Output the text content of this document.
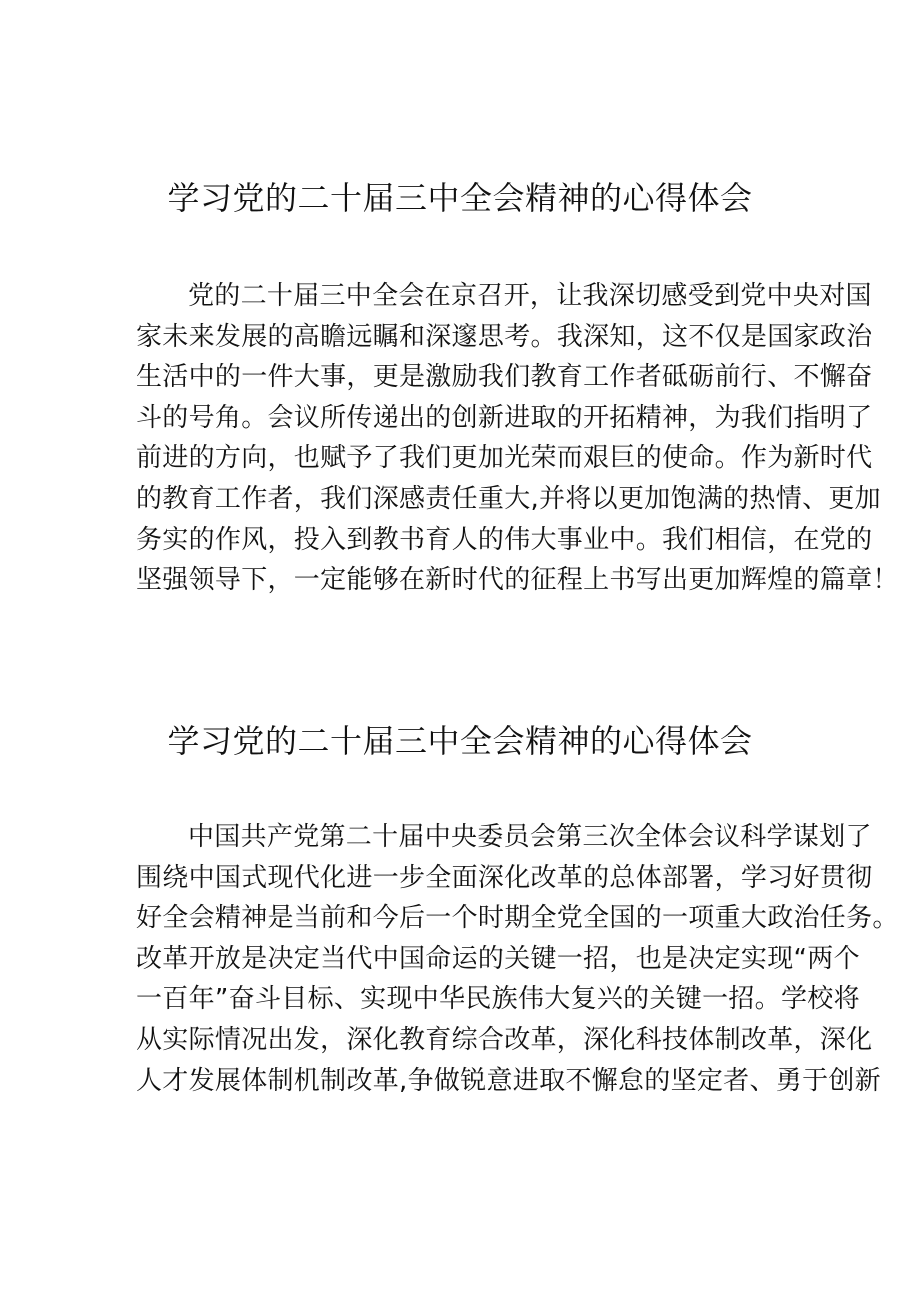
学习党的二十届三中全会精神的心得体会
党的二十届三中全会在京召开，让我深切感受到党中央对国
家未来发展的高瞻远瞩和深邃思考。我深知，这不仅是国家政治
生活中的一件大事，更是激励我们教育工作者砥砺前行、不懈奋
斗的号角。会议所传递出的创新进取的开拓精神，为我们指明了
前进的方向，也赋予了我们更加光荣而艰巨的使命。作为新时代
的教育工作者，我们深感责任重大,并将以更加饱满的热情、更加
务实的作风，投入到教书育人的伟大事业中。我们相信，在党的
坚强领导下，一定能够在新时代的征程上书写出更加辉煌的篇章！
学习党的二十届三中全会精神的心得体会
中国共产党第二十届中央委员会第三次全体会议科学谋划了
围绕中国式现代化进一步全面深化改革的总体部署，学习好贯彻
好全会精神是当前和今后一个时期全党全国的一项重大政治任务。
改革开放是决定当代中国命运的关键一招，也是决定实现“两个
一百年”奋斗目标、实现中华民族伟大复兴的关键一招。学校将
从实际情况出发，深化教育综合改革，深化科技体制改革，深化
人才发展体制机制改革,争做锐意进取不懈怠的坚定者、勇于创新
